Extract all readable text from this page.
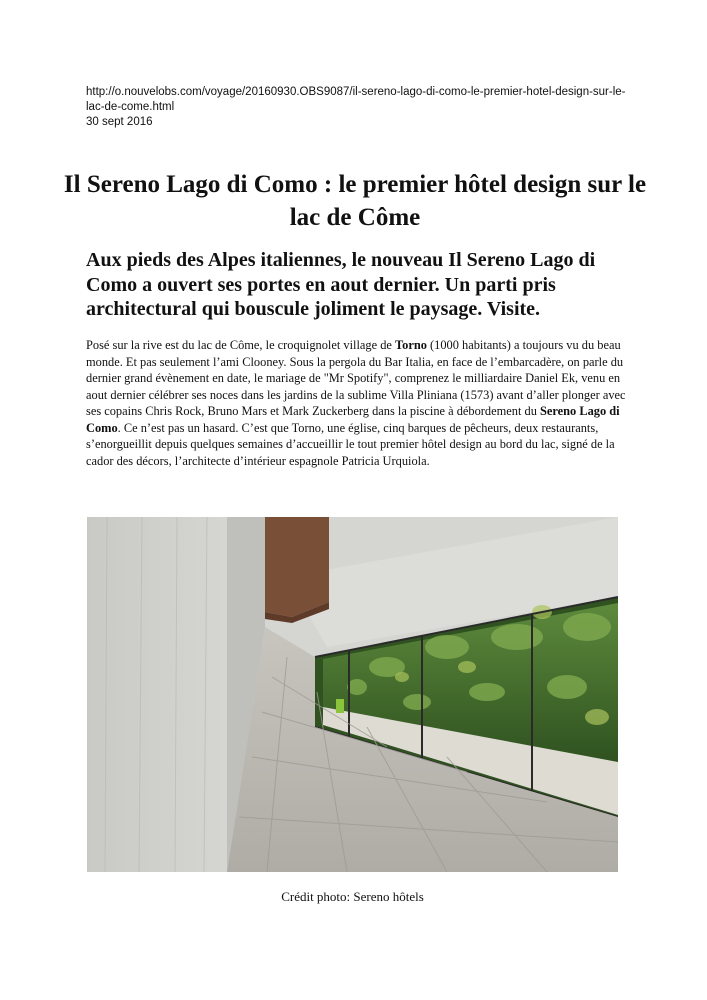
http://o.nouvelobs.com/voyage/20160930.OBS9087/il-sereno-lago-di-como-le-premier-hotel-design-sur-le-lac-de-come.html
30 sept 2016
Il Sereno Lago di Como : le premier hôtel design sur le lac de Côme

Aux pieds des Alpes italiennes, le nouveau Il Sereno Lago di Como a ouvert ses portes en aout dernier. Un parti pris architectural qui bouscule joliment le paysage. Visite.

Posé sur la rive est du lac de Côme, le croquignolet village de Torno (1000 habitants) a toujours vu du beau monde. Et pas seulement l’ami Clooney. Sous la pergola du Bar Italia, en face de l’embarcadère, on parle du dernier grand évènement en date, le mariage de "Mr Spotify", comprenez le milliardaire Daniel Ek, venu en aout dernier célébrer ses noces dans les jardins de la sublime Villa Pliniana (1573) avant d’aller plonger avec ses copains Chris Rock, Bruno Mars et Mark Zuckerberg dans la piscine à débordement du Sereno Lago di Como. Ce n’est pas un hasard. C’est que Torno, une église, cinq barques de pêcheurs, deux restaurants, s’enorgueillit depuis quelques semaines d’accueillir le tout premier hôtel design au bord du lac, signé de la cador des décors, l’architecte d’intérieur espagnole Patricia Urquiola.

Crédit photo: Sereno hôtels
